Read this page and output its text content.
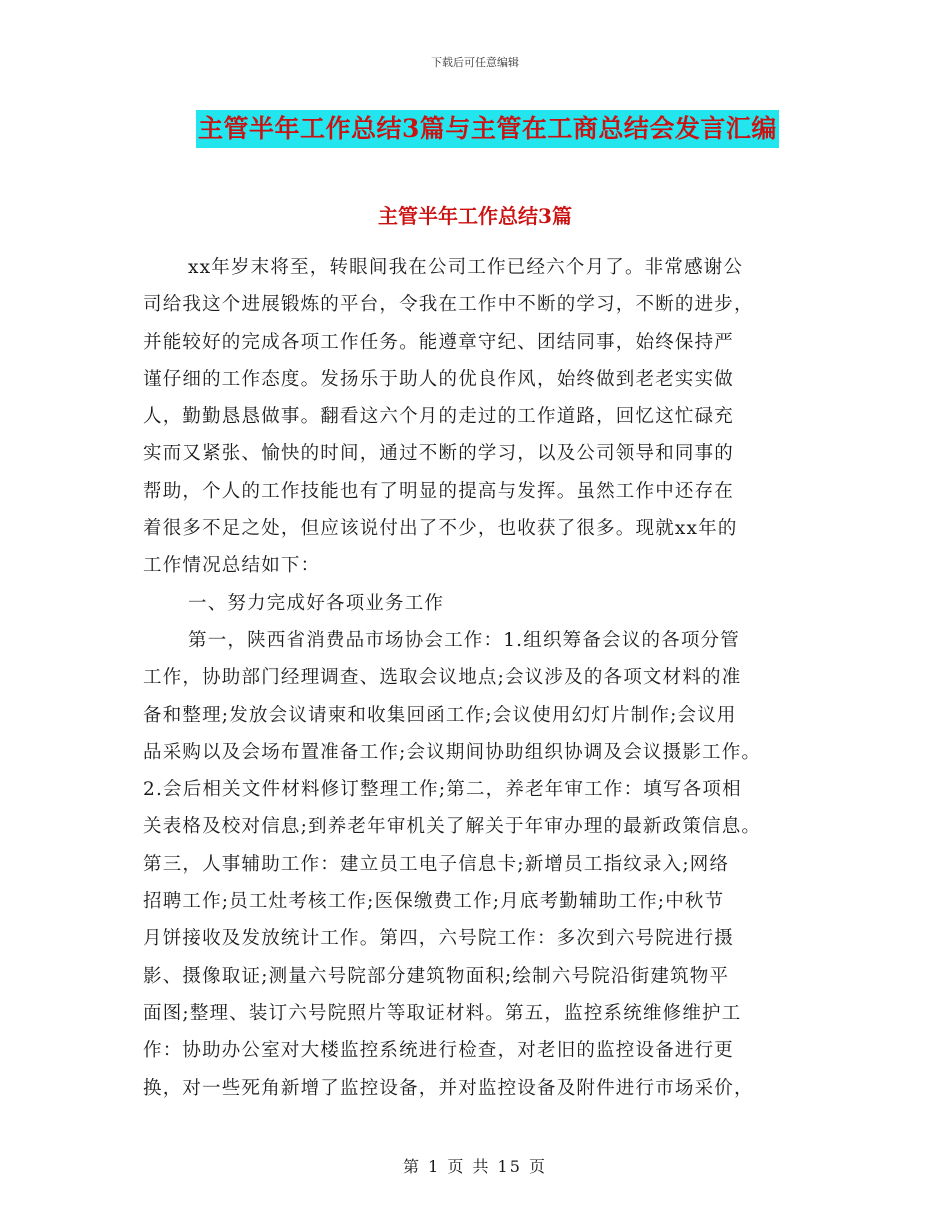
下载后可任意编辑
主管半年工作总结3篇与主管在工商总结会发言汇编
主管半年工作总结3篇
xx年岁末将至，转眼间我在公司工作已经六个月了。非常感谢公
司给我这个进展锻炼的平台，令我在工作中不断的学习，不断的进步，
并能较好的完成各项工作任务。能遵章守纪、团结同事，始终保持严
谨仔细的工作态度。发扬乐于助人的优良作风，始终做到老老实实做
人，勤勤恳恳做事。翻看这六个月的走过的工作道路，回忆这忙碌充
实而又紧张、愉快的时间，通过不断的学习，以及公司领导和同事的
帮助，个人的工作技能也有了明显的提高与发挥。虽然工作中还存在
着很多不足之处，但应该说付出了不少，也收获了很多。现就xx年的
工作情况总结如下：
一、努力完成好各项业务工作
第一，陕西省消费品市场协会工作：1.组织筹备会议的各项分管
工作，协助部门经理调查、选取会议地点;会议涉及的各项文材料的准
备和整理;发放会议请柬和收集回函工作;会议使用幻灯片制作;会议用
品采购以及会场布置准备工作;会议期间协助组织协调及会议摄影工作。
2.会后相关文件材料修订整理工作;第二，养老年审工作：填写各项相
关表格及校对信息;到养老年审机关了解关于年审办理的最新政策信息。
第三，人事辅助工作：建立员工电子信息卡;新增员工指纹录入;网络
招聘工作;员工灶考核工作;医保缴费工作;月底考勤辅助工作;中秋节
月饼接收及发放统计工作。第四，六号院工作：多次到六号院进行摄
影、摄像取证;测量六号院部分建筑物面积;绘制六号院沿街建筑物平
面图;整理、装订六号院照片等取证材料。第五，监控系统维修维护工
作：协助办公室对大楼监控系统进行检查，对老旧的监控设备进行更
换，对一些死角新增了监控设备，并对监控设备及附件进行市场采价，
第 1 页 共 15 页
